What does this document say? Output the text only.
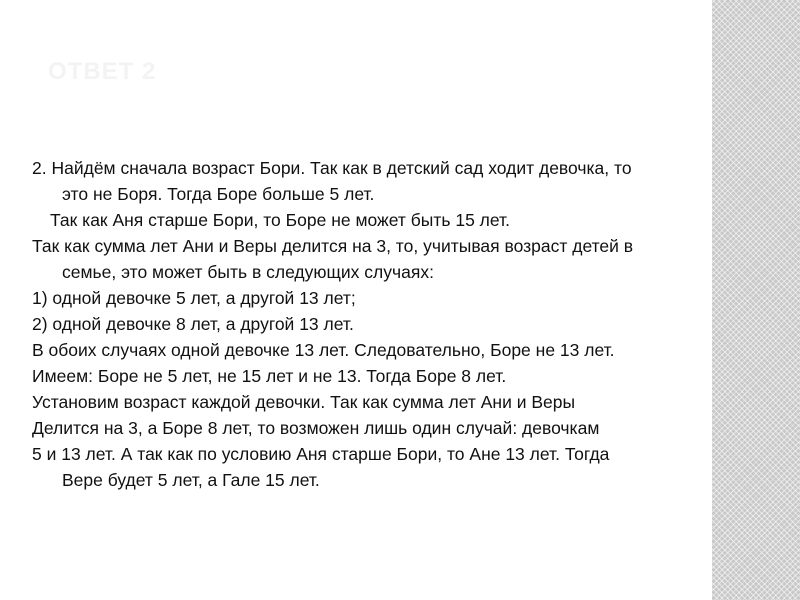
ОТВЕТ 2
2. Найдём сначала возраст Бори. Так как в детский сад ходит девочка, то
это не Боря. Тогда Боре больше 5 лет.
Так как Аня старше Бори, то Боре не может быть 15 лет.
Так как сумма лет Ани и Веры делится на 3, то, учитывая возраст детей в
семье, это может быть в следующих случаях:
1) одной девочке 5 лет, а другой 13 лет;
2) одной девочке 8 лет, а другой 13 лет.
В обоих случаях одной девочке 13 лет. Следовательно, Боре не 13 лет.
Имеем: Боре не 5 лет, не 15 лет и не 13. Тогда Боре 8 лет.
Установим возраст каждой девочки. Так как сумма лет Ани и Веры
Делится на 3, а Боре 8 лет, то возможен лишь один случай: девочкам
5 и 13 лет. А так как по условию Аня старше Бори, то Ане 13 лет. Тогда
Вере будет 5 лет, а Гале 15 лет.
